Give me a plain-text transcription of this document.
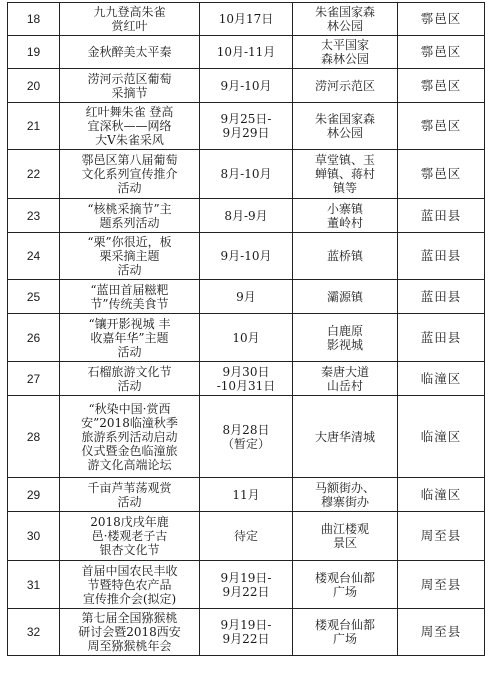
18	九九登高朱雀
赏红叶	10月17日	朱雀国家森
林公园	鄠邑区
19	金秋醉美太平秦	10月-11月	太平国家
森林公园	鄠邑区
20	涝河示范区葡萄
采摘节	9月-10月	涝河示范区	鄠邑区
21	红叶舞朱雀 登高
宜深秋——网络
大V朱雀采风	9月25日-
9月29日	朱雀国家森
林公园	鄠邑区
22	鄠邑区第八届葡萄
文化系列宣传推介
活动	8月-10月	草堂镇、玉
蝉镇、蒋村
镇等	鄠邑区
23	“核桃采摘节”主
题系列活动	8月-9月	小寨镇
董岭村	蓝田县
24	“栗”你很近，板
栗采摘主题
活动	9月-10月	蓝桥镇	蓝田县
25	“蓝田首届糍粑
节”传统美食节	9月	灞源镇	蓝田县
26	“镶开影视城 丰
收嘉年华”主题
活动	10月	白鹿原
影视城	蓝田县
27	石榴旅游文化节
活动	9月30日
-10月31日	秦唐大道
山岳村	临潼区
28	“秋染中国·赏西
安”2018临潼秋季
旅游系列活动启动
仪式暨金色临潼旅
游文化高端论坛	8月28日
（暂定）	大唐华清城	临潼区
29	千亩芦苇荡观赏
活动	11月	马额街办、
穆寨街办	临潼区
30	2018戊戌年鹿
邑·楼观老子古
银杏文化节	待定	曲江楼观
景区	周至县
31	首届中国农民丰收
节暨特色农产品
宣传推介会(拟定)	9月19日-
9月22日	楼观台仙都
广场	周至县
32	第七届全国猕猴桃
研讨会暨2018西安
周至猕猴桃年会	9月19日-
9月22日	楼观台仙都
广场	周至县
